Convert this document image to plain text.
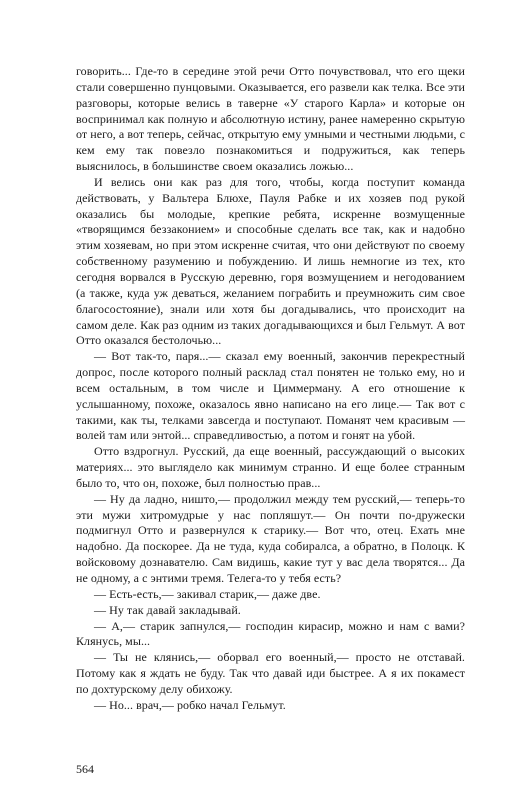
говорить... Где-то в середине этой речи Отто почувствовал, что его щеки стали совершенно пунцовыми. Оказывается, его развели как телка. Все эти разговоры, которые велись в таверне «У старого Карла» и которые он воспринимал как полную и абсолютную истину, ранее намеренно скрытую от него, а вот теперь, сейчас, открытую ему умными и честными людьми, с кем ему так повезло познакомиться и подружиться, как теперь выяснилось, в большинстве своем оказались ложью...

И велись они как раз для того, чтобы, когда поступит команда действовать, у Вальтера Блюхе, Пауля Рабке и их хозяев под рукой оказались бы молодые, крепкие ребята, искренне возмущенные «творящимся беззаконием» и способные сделать все так, как и надобно этим хозяевам, но при этом искренне считая, что они действуют по своему собственному разумению и побуждению. И лишь немногие из тех, кто сегодня ворвался в Русскую деревню, горя возмущением и негодованием (а также, куда уж деваться, желанием пограбить и преумножить сим свое благосостояние), знали или хотя бы догадывались, что происходит на самом деле. Как раз одним из таких догадывающихся и был Гельмут. А вот Отто оказался бестолочью...

— Вот так-то, паря...— сказал ему военный, закончив перекрестный допрос, после которого полный расклад стал понятен не только ему, но и всем остальным, в том числе и Циммерману. А его отношение к услышанному, похоже, оказалось явно написано на его лице.— Так вот с такими, как ты, телками завсегда и поступают. Поманят чем красивым — волей там или энтой... справедливостью, а потом и гонят на убой.

Отто вздрогнул. Русский, да еще военный, рассуждающий о высоких материях... это выглядело как минимум странно. И еще более странным было то, что он, похоже, был полностью прав...

— Ну да ладно, ништо,— продолжил между тем русский,— теперь-то эти мужи хитромудрые у нас попляшут.— Он почти по-дружески подмигнул Отто и развернулся к старику.— Вот что, отец. Ехать мне надобно. Да поскорее. Да не туда, куда собиралса, а обратно, в Полоцк. К войсковому дознавателю. Сам видишь, какие тут у вас дела творятся... Да не одному, а с энтими тремя. Телега-то у тебя есть?

— Есть-есть,— закивал старик,— даже две.

— Ну так давай закладывай.

— А,— старик запнулся,— господин кирасир, можно и нам с вами? Клянусь, мы...

— Ты не клянись,— оборвал его военный,— просто не отставай. Потому как я ждать не буду. Так что давай иди быстрее. А я их покамест по дохтурскому делу обихожу.

— Но... врач,— робко начал Гельмут.

564
